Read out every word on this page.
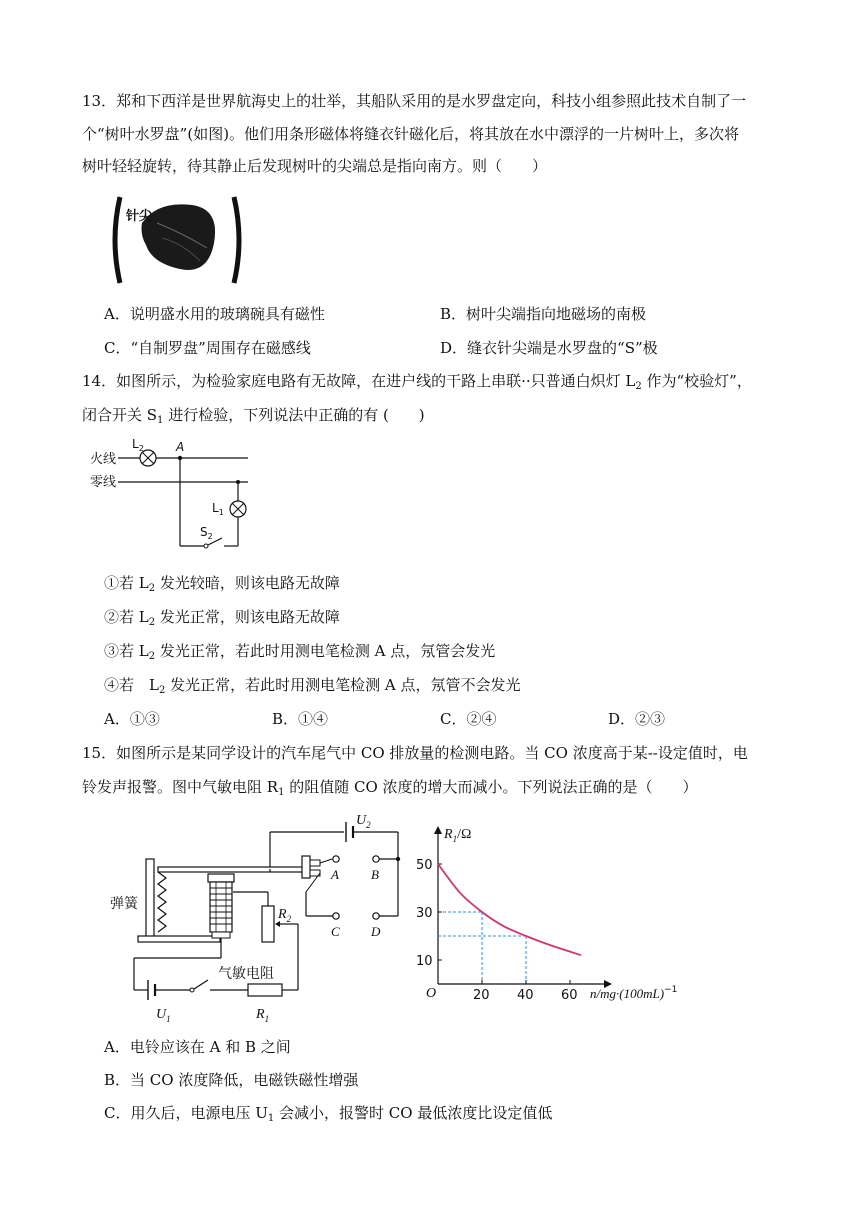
13．郑和下西洋是世界航海史上的壮举，其船队采用的是水罗盘定向，科技小组参照此技术自制了一
个“树叶水罗盘”(如图)。他们用条形磁体将缝衣针磁化后，将其放在水中漂浮的一片树叶上，多次将
树叶轻轻旋转，待其静止后发现树叶的尖端总是指向南方。则（　　）
针尖
A．说明盛水用的玻璃碗具有磁性	B．树叶尖端指向地磁场的南极
C．“自制罗盘”周围存在磁感线	D．缝衣针尖端是水罗盘的“S”极
14．如图所示，为检验家庭电路有无故障，在进户线的干路上串联··只普通白炽灯 $L_2$ 作为“校验灯”，
闭合开关 $S_1$ 进行检验，下列说法中正确的有 (　　)
火线
零线
$L_2$	A
$S_2$
$L_1$
①若 $L_2$ 发光较暗，则该电路无故障
②若 $L_2$ 发光正常，则该电路无故障
③若 $L_2$ 发光正常，若此时用测电笔检测 A 点，氖管会发光
④若　$L_2$ 发光正常，若此时用测电笔检测 A 点，氖管不会发光
A．①③	B．①④	C．②④	D．②③
15．如图所示是某同学设计的汽车尾气中 CO 排放量的检测电路。当 CO 浓度高于某--设定值时，电
铃发声报警。图中气敏电阻 $R_1$ 的阻值随 CO 浓度的增大而减小。下列说法正确的是（　　）
$U_2$
A B
C D
弹簧
$R_2$
$U_1$
气敏电阻
$R_1$
20 40 60
10
30
50
$R_1/\Omega$
$n/mg\cdot(100mL)^{-1}$
O
A．电铃应该在 A 和 B 之间
B．当 CO 浓度降低，电磁铁磁性增强
C．用久后，电源电压 $U_1$ 会减小，报警时 CO 最低浓度比设定值低
